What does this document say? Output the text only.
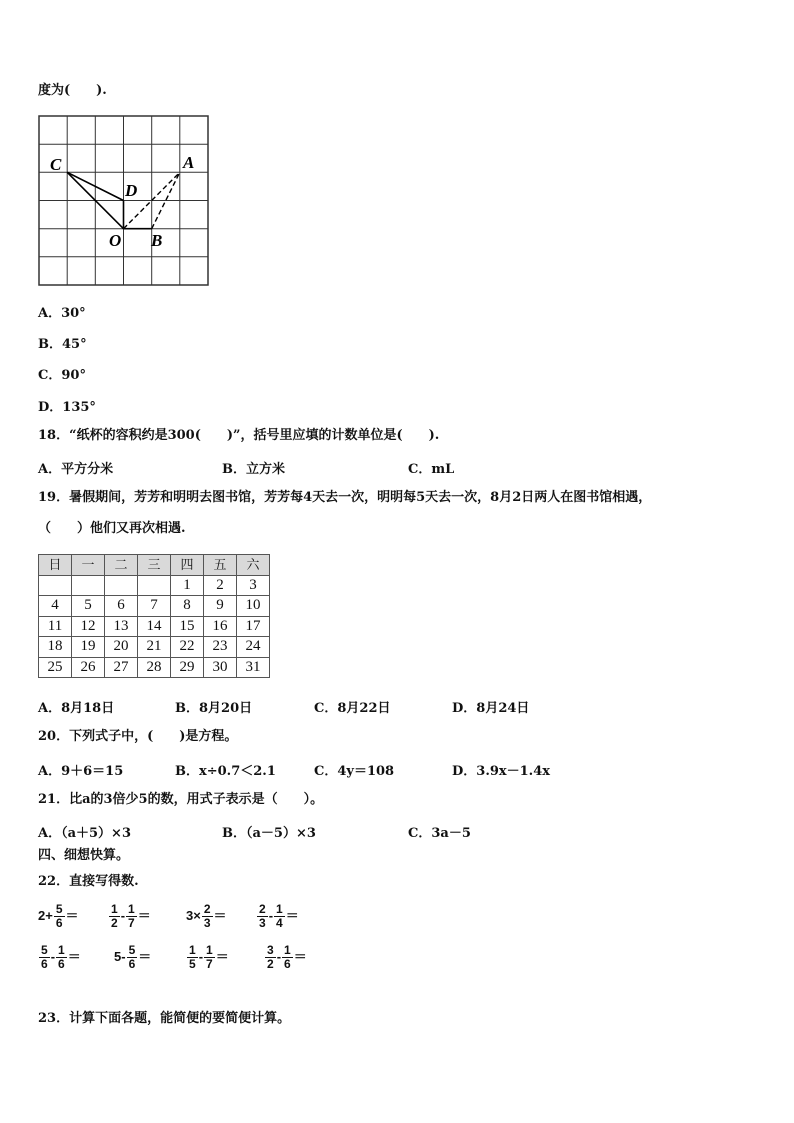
度为(　　).
C	A
D
O B
A．30°
B．45°
C．90°
D．135°
18．“纸杯的容积约是300(　　)”，括号里应填的计数单位是(　　).
A．平方分米	B．立方米	C．mL
19．暑假期间，芳芳和明明去图书馆，芳芳每4天去一次，明明每5天去一次，8月2日两人在图书馆相遇，
（　　）他们又再次相遇.
日	一	二	三	四	五	六
				1	2	3
4	5	6	7	8	9	10
11	12	13	14	15	16	17
18	19	20	21	22	23	24
25	26	27	28	29	30	31
A．8月18日	B．8月20日	C．8月22日	D．8月24日
20．下列式子中，(　　)是方程。
A．9＋6＝15	B．x÷0.7＜2.1	C．4y＝108	D．3.9x－1.4x
21．比a的3倍少5的数，用式子表示是（　　）。
A．（a＋5）×3	B．（a－5）×3	C．3a－5
四、细想快算。
22．直接写得数.
$2+ \frac{5}{6}$ ＝	$\frac{1}{2} - \frac{1}{7}$ ＝	$3\times \frac{2}{3}$ ＝	$\frac{2}{3} - \frac{1}{4}$ ＝
$\frac{5}{6} - \frac{1}{6}$ ＝	$5- \frac{5}{6}$ ＝	$\frac{1}{5} - \frac{1}{7}$ ＝	$\frac{3}{2} - \frac{1}{6}$ ＝
23．计算下面各题，能简便的要简便计算。
